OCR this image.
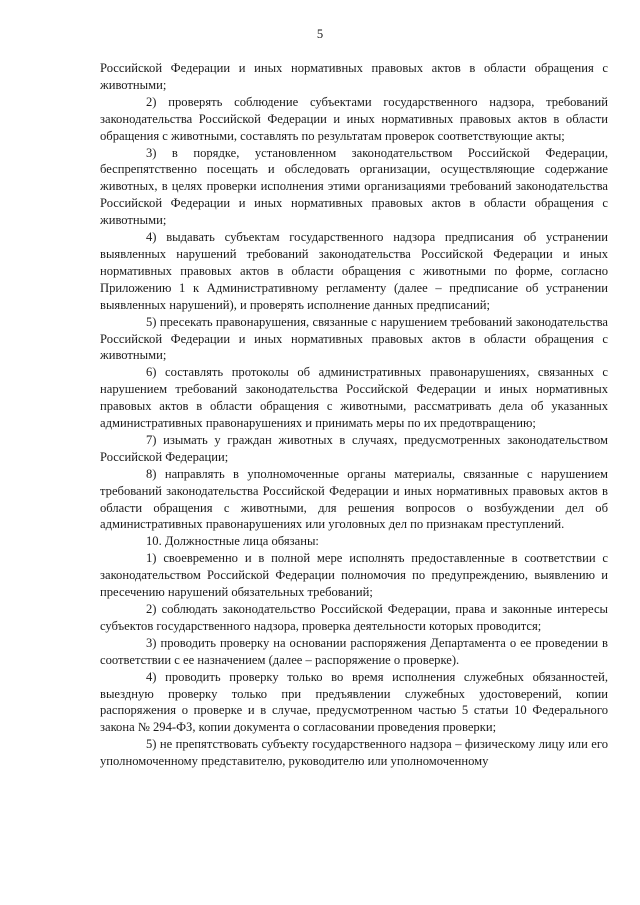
5

Российской Федерации и иных нормативных правовых актов в области обращения с животными;

2) проверять соблюдение субъектами государственного надзора, требований законодательства Российской Федерации и иных нормативных правовых актов в области обращения с животными, составлять по результатам проверок соответствующие акты;

3) в порядке, установленном законодательством Российской Федерации, беспрепятственно посещать и обследовать организации, осуществляющие содержание животных, в целях проверки исполнения этими организациями требований законодательства Российской Федерации и иных нормативных правовых актов в области обращения с животными;

4) выдавать субъектам государственного надзора предписания об устранении выявленных нарушений требований законодательства Российской Федерации и иных нормативных правовых актов в области обращения с животными по форме, согласно Приложению 1 к Административному регламенту (далее – предписание об устранении выявленных нарушений), и проверять исполнение данных предписаний;

5) пресекать правонарушения, связанные с нарушением требований законодательства Российской Федерации и иных нормативных правовых актов в области обращения с животными;

6) составлять протоколы об административных правонарушениях, связанных с нарушением требований законодательства Российской Федерации и иных нормативных правовых актов в области обращения с животными, рассматривать дела об указанных административных правонарушениях и принимать меры по их предотвращению;

7) изымать у граждан животных в случаях, предусмотренных законодательством Российской Федерации;

8) направлять в уполномоченные органы материалы, связанные с нарушением требований законодательства Российской Федерации и иных нормативных правовых актов в области обращения с животными, для решения вопросов о возбуждении дел об административных правонарушениях или уголовных дел по признакам преступлений.

10. Должностные лица обязаны:

1) своевременно и в полной мере исполнять предоставленные в соответствии с законодательством Российской Федерации полномочия по предупреждению, выявлению и пресечению нарушений обязательных требований;

2) соблюдать законодательство Российской Федерации, права и законные интересы субъектов государственного надзора, проверка деятельности которых проводится;

3) проводить проверку на основании распоряжения Департамента о ее проведении в соответствии с ее назначением (далее – распоряжение о проверке).

4) проводить проверку только во время исполнения служебных обязанностей, выездную проверку только при предъявлении служебных удостоверений, копии распоряжения о проверке и в случае, предусмотренном частью 5 статьи 10 Федерального закона № 294-ФЗ, копии документа о согласовании проведения проверки;

5) не препятствовать субъекту государственного надзора – физическому лицу или его уполномоченному представителю, руководителю или уполномоченному
